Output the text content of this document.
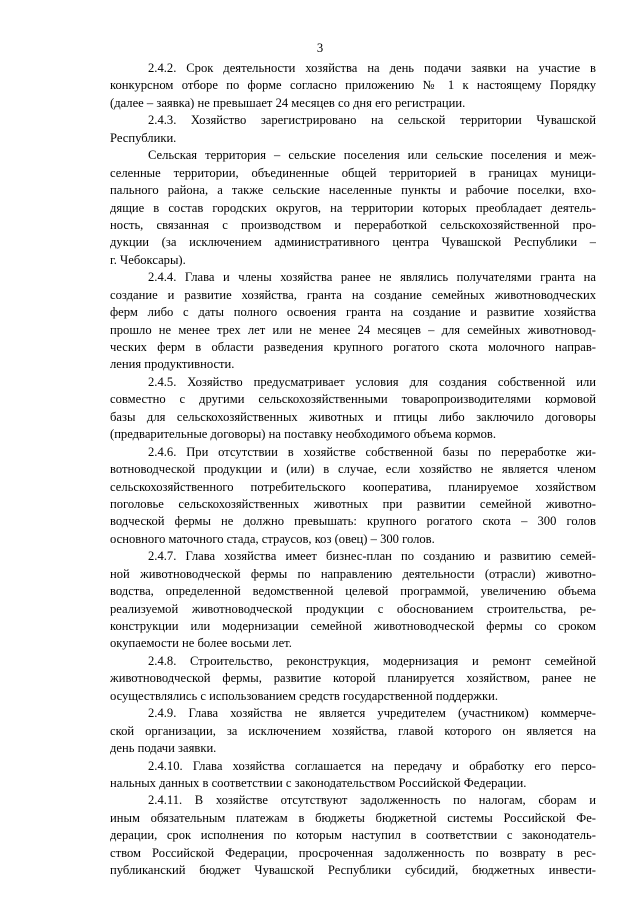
3
2.4.2. Срок деятельности хозяйства на день подачи заявки на участие в
конкурсном отборе по форме согласно приложению № 1 к настоящему Порядку
(далее – заявка) не превышает 24 месяцев со дня его регистрации.
2.4.3. Хозяйство зарегистрировано на сельской территории Чувашской
Республики.
Сельская территория – сельские поселения или сельские поселения и меж-
селенные территории, объединенные общей территорией в границах муници-
пального района, а также сельские населенные пункты и рабочие поселки, вхо-
дящие в состав городских округов, на территории которых преобладает деятель-
ность, связанная с производством и переработкой сельскохозяйственной про-
дукции (за исключением административного центра Чувашской Республики –
г. Чебоксары).
2.4.4. Глава и члены хозяйства ранее не являлись получателями гранта на
создание и развитие хозяйства, гранта на создание семейных животноводческих
ферм либо с даты полного освоения гранта на создание и развитие хозяйства
прошло не менее трех лет или не менее 24 месяцев – для семейных животновод-
ческих ферм в области разведения крупного рогатого скота молочного направ-
ления продуктивности.
2.4.5. Хозяйство предусматривает условия для создания собственной или
совместно с другими сельскохозяйственными товаропроизводителями кормовой
базы для сельскохозяйственных животных и птицы либо заключило договоры
(предварительные договоры) на поставку необходимого объема кормов.
2.4.6. При отсутствии в хозяйстве собственной базы по переработке жи-
вотноводческой продукции и (или) в случае, если хозяйство не является членом
сельскохозяйственного потребительского кооператива, планируемое хозяйством
поголовье сельскохозяйственных животных при развитии семейной животно-
водческой фермы не должно превышать: крупного рогатого скота – 300 голов
основного маточного стада, страусов, коз (овец) – 300 голов.
2.4.7. Глава хозяйства имеет бизнес-план по созданию и развитию семей-
ной животноводческой фермы по направлению деятельности (отрасли) животно-
водства, определенной ведомственной целевой программой, увеличению объема
реализуемой животноводческой продукции с обоснованием строительства, ре-
конструкции или модернизации семейной животноводческой фермы со сроком
окупаемости не более восьми лет.
2.4.8. Строительство, реконструкция, модернизация и ремонт семейной
животноводческой фермы, развитие которой планируется хозяйством, ранее не
осуществлялись с использованием средств государственной поддержки.
2.4.9. Глава хозяйства не является учредителем (участником) коммерче-
ской организации, за исключением хозяйства, главой которого он является на
день подачи заявки.
2.4.10. Глава хозяйства соглашается на передачу и обработку его персо-
нальных данных в соответствии с законодательством Российской Федерации.
2.4.11. В хозяйстве отсутствуют задолженность по налогам, сборам и
иным обязательным платежам в бюджеты бюджетной системы Российской Фе-
дерации, срок исполнения по которым наступил в соответствии с законодатель-
ством Российской Федерации, просроченная задолженность по возврату в рес-
публиканский бюджет Чувашской Республики субсидий, бюджетных инвести-
